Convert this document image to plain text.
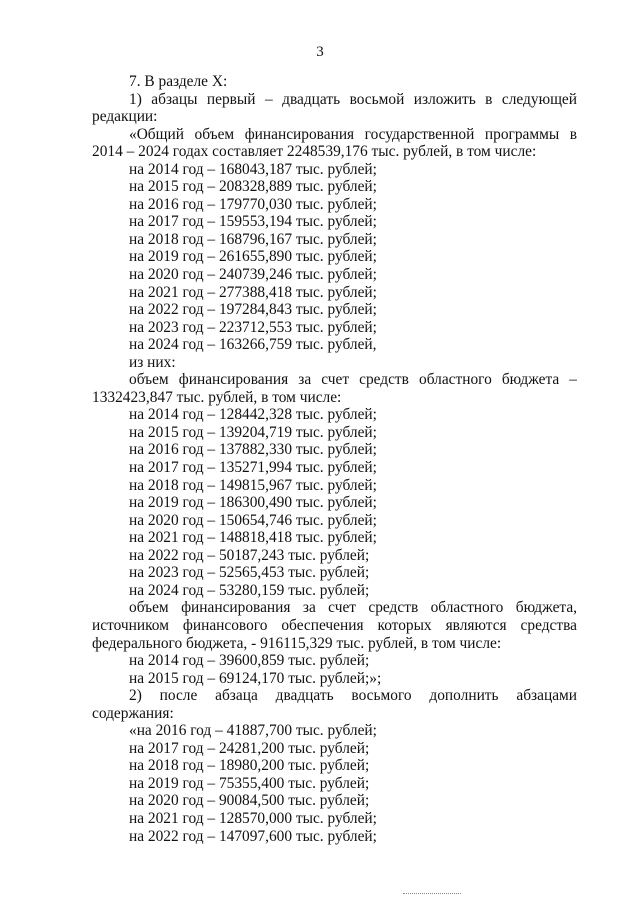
3
7. В разделе X:
1) абзацы первый – двадцать восьмой изложить в следующей
редакции:
«Общий объем финансирования государственной программы в
2014 – 2024 годах составляет 2248539,176 тыс. рублей, в том числе:
на 2014 год – 168043,187 тыс. рублей;
на 2015 год – 208328,889 тыс. рублей;
на 2016 год – 179770,030 тыс. рублей;
на 2017 год – 159553,194 тыс. рублей;
на 2018 год – 168796,167 тыс. рублей;
на 2019 год – 261655,890 тыс. рублей;
на 2020 год – 240739,246 тыс. рублей;
на 2021 год – 277388,418 тыс. рублей;
на 2022 год – 197284,843 тыс. рублей;
на 2023 год – 223712,553 тыс. рублей;
на 2024 год – 163266,759 тыс. рублей,
из них:
объем финансирования за счет средств областного бюджета –
1332423,847 тыс. рублей, в том числе:
на 2014 год – 128442,328 тыс. рублей;
на 2015 год – 139204,719 тыс. рублей;
на 2016 год – 137882,330 тыс. рублей;
на 2017 год – 135271,994 тыс. рублей;
на 2018 год – 149815,967 тыс. рублей;
на 2019 год – 186300,490 тыс. рублей;
на 2020 год – 150654,746 тыс. рублей;
на 2021 год – 148818,418 тыс. рублей;
на 2022 год – 50187,243 тыс. рублей;
на 2023 год – 52565,453 тыс. рублей;
на 2024 год – 53280,159 тыс. рублей;
объем финансирования за счет средств областного бюджета,
источником финансового обеспечения которых являются средства
федерального бюджета, - 916115,329 тыс. рублей, в том числе:
на 2014 год – 39600,859 тыс. рублей;
на 2015 год – 69124,170 тыс. рублей;»;
2) после абзаца двадцать восьмого дополнить абзацами
содержания:
«на 2016 год – 41887,700 тыс. рублей;
на 2017 год – 24281,200 тыс. рублей;
на 2018 год – 18980,200 тыс. рублей;
на 2019 год – 75355,400 тыс. рублей;
на 2020 год – 90084,500 тыс. рублей;
на 2021 год – 128570,000 тыс. рублей;
на 2022 год – 147097,600 тыс. рублей;
